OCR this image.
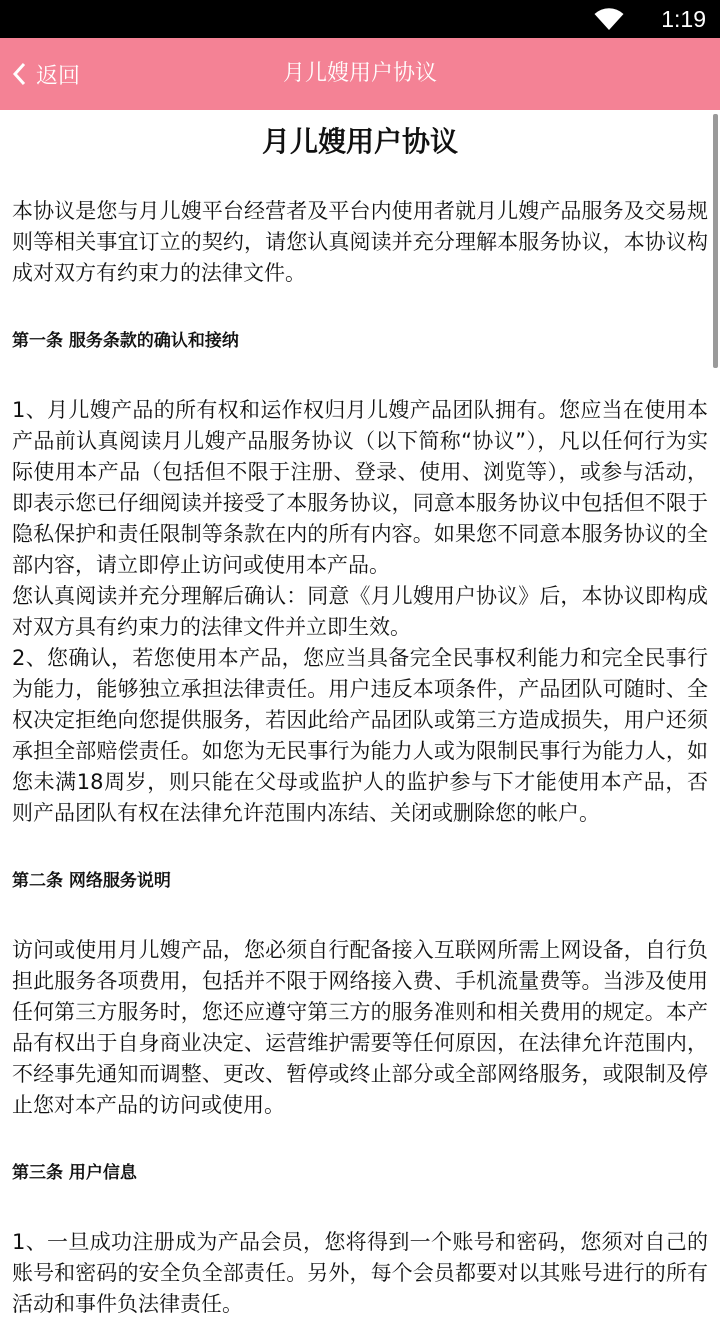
1:19
返回	月儿嫂用户协议
月儿嫂用户协议

本协议是您与月儿嫂平台经营者及平台内使用者就月儿嫂产品服务及交易规则等相关事宜订立的契约，请您认真阅读并充分理解本服务协议，本协议构成对双方有约束力的法律文件。

第一条 服务条款的确认和接纳

1、月儿嫂产品的所有权和运作权归月儿嫂产品团队拥有。您应当在使用本产品前认真阅读月儿嫂产品服务协议（以下简称“协议”），凡以任何行为实际使用本产品（包括但不限于注册、登录、使用、浏览等），或参与活动，即表示您已仔细阅读并接受了本服务协议，同意本服务协议中包括但不限于隐私保护和责任限制等条款在内的所有内容。如果您不同意本服务协议的全部内容，请立即停止访问或使用本产品。

您认真阅读并充分理解后确认：同意《月儿嫂用户协议》后，本协议即构成对双方具有约束力的法律文件并立即生效。

2、您确认，若您使用本产品，您应当具备完全民事权利能力和完全民事行为能力，能够独立承担法律责任。用户违反本项条件，产品团队可随时、全权决定拒绝向您提供服务，若因此给产品团队或第三方造成损失，用户还须承担全部赔偿责任。如您为无民事行为能力人或为限制民事行为能力人，如您未满18周岁，则只能在父母或监护人的监护参与下才能使用本产品，否则产品团队有权在法律允许范围内冻结、关闭或删除您的帐户。

第二条 网络服务说明

访问或使用月儿嫂产品，您必须自行配备接入互联网所需上网设备，自行负担此服务各项费用，包括并不限于网络接入费、手机流量费等。当涉及使用任何第三方服务时，您还应遵守第三方的服务准则和相关费用的规定。本产品有权出于自身商业决定、运营维护需要等任何原因，在法律允许范围内，不经事先通知而调整、更改、暂停或终止部分或全部网络服务，或限制及停止您对本产品的访问或使用。

第三条 用户信息

1、一旦成功注册成为产品会员，您将得到一个账号和密码，您须对自己的账号和密码的安全负全部责任。另外，每个会员都要对以其账号进行的所有活动和事件负法律责任。
